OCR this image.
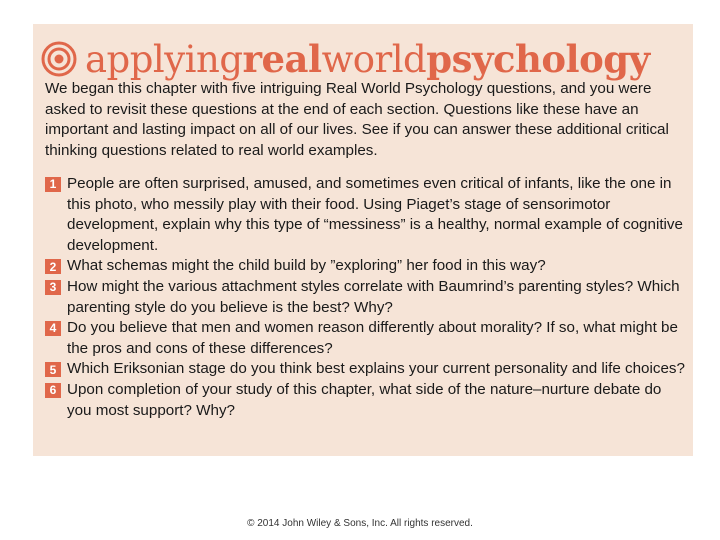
applyingrealworldpsychology
We began this chapter with five intriguing Real World Psychology questions, and you were asked to revisit these questions at the end of each section. Questions like these have an important and lasting impact on all of our lives. See if you can answer these additional critical thinking questions related to real world examples.
1 People are often surprised, amused, and sometimes even critical of infants, like the one in this photo, who messily play with their food. Using Piaget’s stage of sensorimotor development, explain why this type of “messiness” is a healthy, normal example of cognitive development.
2 What schemas might the child build by ”exploring” her food in this way?
3 How might the various attachment styles correlate with Baumrind’s parenting styles? Which parenting style do you believe is the best? Why?
4 Do you believe that men and women reason differently about morality? If so, what might be the pros and cons of these differences?
5 Which Eriksonian stage do you think best explains your current personality and life choices?
6 Upon completion of your study of this chapter, what side of the nature–nurture debate do you most support? Why?
© 2014 John Wiley & Sons, Inc. All rights reserved.
